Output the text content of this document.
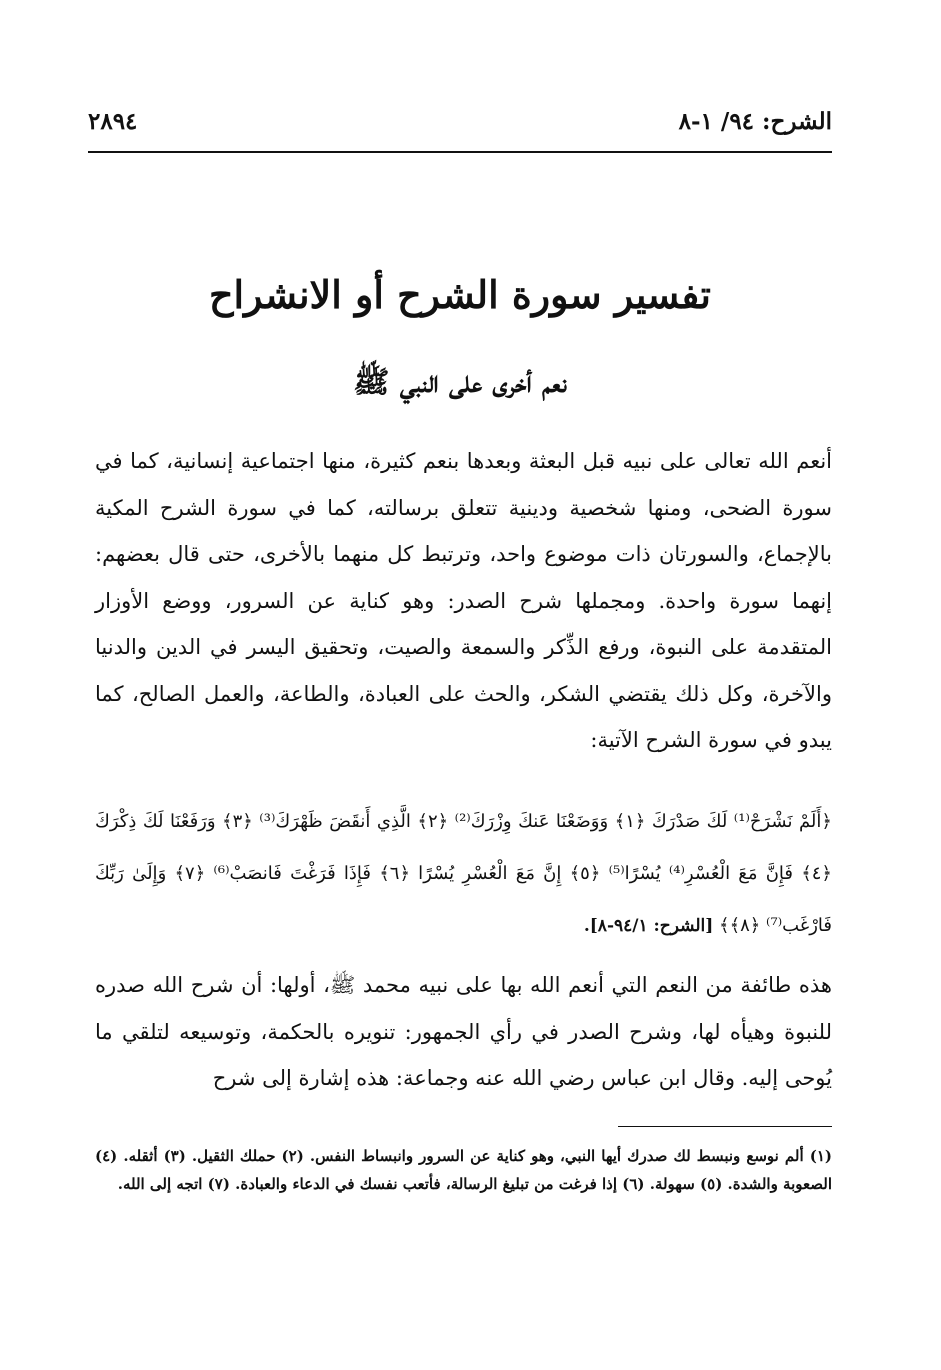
الشرح: ٩٤/ ١-٨
٢٨٩٤
تفسير سورة الشرح أو الانشراح
نعم أخرى على النبي ﷺ
أنعم الله تعالى على نبيه قبل البعثة وبعدها بنعم كثيرة، منها اجتماعية إنسانية، كما في سورة الضحى، ومنها شخصية ودينية تتعلق برسالته، كما في سورة الشرح المكية بالإجماع، والسورتان ذات موضوع واحد، وترتبط كل منهما بالأخرى، حتى قال بعضهم: إنهما سورة واحدة. ومجملها شرح الصدر: وهو كناية عن السرور، ووضع الأوزار المتقدمة على النبوة، ورفع الذِّكر والسمعة والصيت، وتحقيق اليسر في الدين والدنيا والآخرة، وكل ذلك يقتضي الشكر، والحث على العبادة، والطاعة، والعمل الصالح، كما يبدو في سورة الشرح الآتية:
﴿أَلَمْ نَشْرَحْ⁽¹⁾ لَكَ صَدْرَكَ ﴿١﴾ وَوَضَعْنَا عَنكَ وِزْرَكَ⁽²⁾ ﴿٢﴾ الَّذِي أَنقَضَ ظَهْرَكَ⁽³⁾ ﴿٣﴾ وَرَفَعْنَا لَكَ ذِكْرَكَ ﴿٤﴾ فَإِنَّ مَعَ الْعُسْرِ⁽⁴⁾ يُسْرًا⁽⁵⁾ ﴿٥﴾ إِنَّ مَعَ الْعُسْرِ يُسْرًا ﴿٦﴾ فَإِذَا فَرَغْتَ فَانصَبْ⁽⁶⁾ ﴿٧﴾ وَإِلَىٰ رَبِّكَ فَارْغَب⁽⁷⁾ ﴿٨﴾﴾ [الشرح: ٩٤/١-٨].
هذه طائفة من النعم التي أنعم الله بها على نبيه محمد ﷺ، أولها: أن شرح الله صدره للنبوة وهيأه لها، وشرح الصدر في رأي الجمهور: تنويره بالحكمة، وتوسيعه لتلقي ما يُوحى إليه. وقال ابن عباس رضي الله عنه وجماعة: هذه إشارة إلى شرح
(١) ألم نوسع ونبسط لك صدرك أيها النبي، وهو كناية عن السرور وانبساط النفس. (٢) حملك الثقيل. (٣) أثقله. (٤) الصعوبة والشدة. (٥) سهولة. (٦) إذا فرغت من تبليغ الرسالة، فأتعب نفسك في الدعاء والعبادة. (٧) اتجه إلى الله.
